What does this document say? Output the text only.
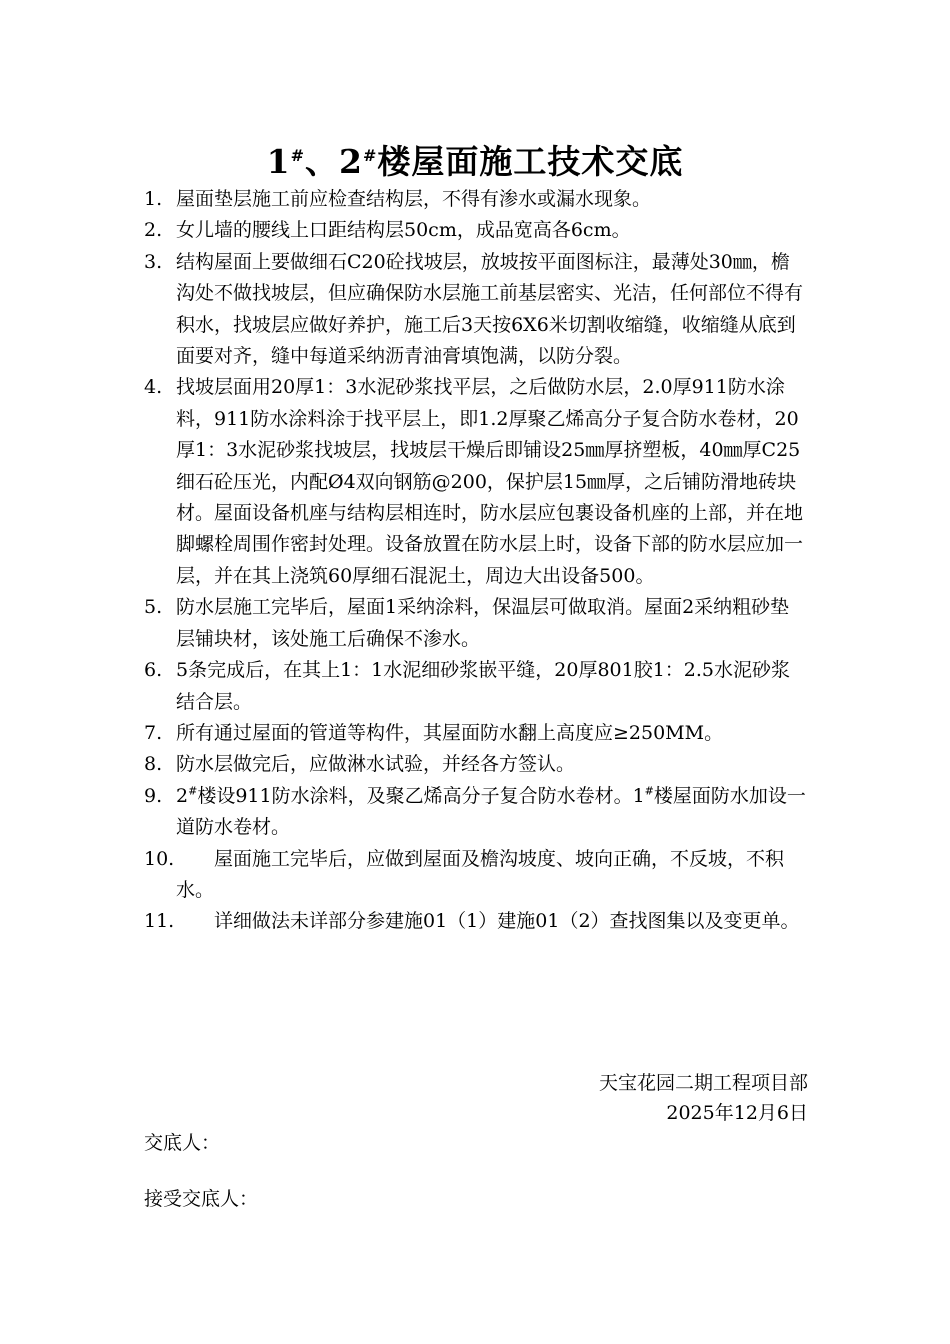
1#、2#楼屋面施工技术交底
1. 屋面垫层施工前应检查结构层，不得有渗水或漏水现象。
2. 女儿墙的腰线上口距结构层50cm，成品宽高各6cm。
3. 结构屋面上要做细石C20砼找坡层，放坡按平面图标注，最薄处30㎜，檐沟处不做找坡层，但应确保防水层施工前基层密实、光洁，任何部位不得有积水，找坡层应做好养护，施工后3天按6X6米切割收缩缝，收缩缝从底到面要对齐，缝中每道采纳沥青油膏填饱满，以防分裂。
4. 找坡层面用20厚1：3水泥砂浆找平层，之后做防水层，2.0厚911防水涂料，911防水涂料涂于找平层上，即1.2厚聚乙烯高分子复合防水卷材，20厚1：3水泥砂浆找坡层，找坡层干燥后即铺设25㎜厚挤塑板，40㎜厚C25细石砼压光，内配Ø4双向钢筋@200，保护层15㎜厚，之后铺防滑地砖块材。屋面设备机座与结构层相连时，防水层应包裹设备机座的上部，并在地脚螺栓周围作密封处理。设备放置在防水层上时，设备下部的防水层应加一层，并在其上浇筑60厚细石混泥土，周边大出设备500。
5. 防水层施工完毕后，屋面1采纳涂料，保温层可做取消。屋面2采纳粗砂垫层铺块材，该处施工后确保不渗水。
6. 5条完成后，在其上1：1水泥细砂浆嵌平缝，20厚801胶1：2.5水泥砂浆结合层。
7. 所有通过屋面的管道等构件，其屋面防水翻上高度应≥250MM。
8. 防水层做完后，应做淋水试验，并经各方签认。
9. 2#楼设911防水涂料，及聚乙烯高分子复合防水卷材。1#楼屋面防水加设一道防水卷材。
10. 屋面施工完毕后，应做到屋面及檐沟坡度、坡向正确，不反坡，不积水。
11. 详细做法未详部分参建施01（1）建施01（2）查找图集以及变更单。
天宝花园二期工程项目部
2025年12月6日
交底人：
接受交底人：
